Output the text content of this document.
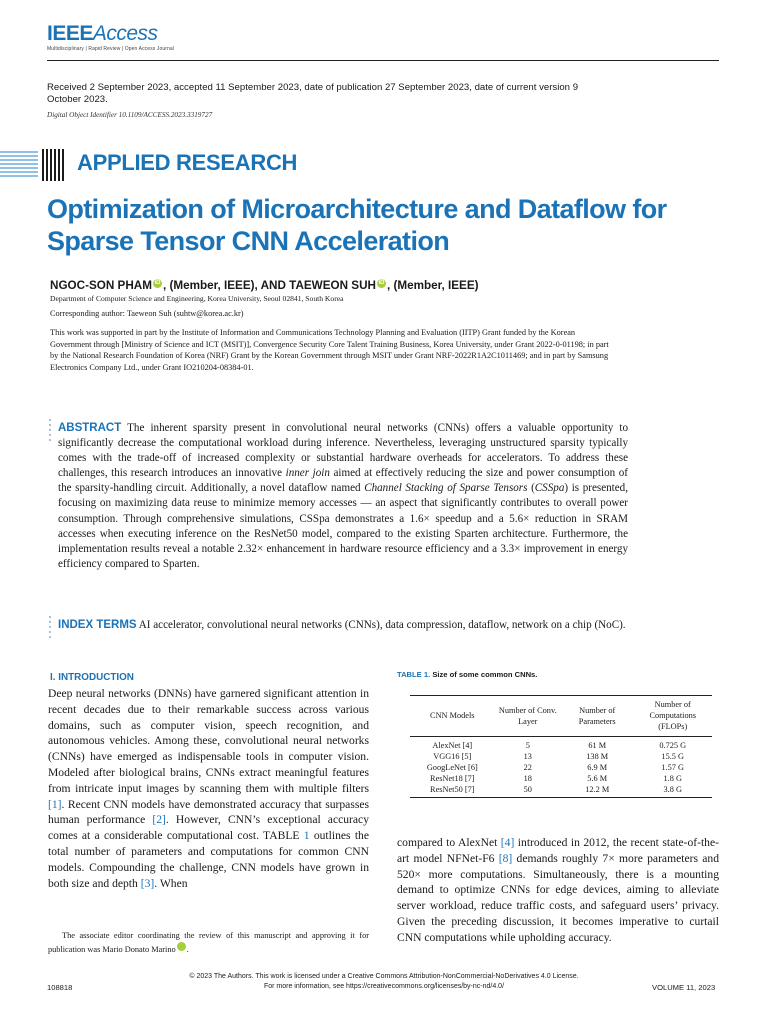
IEEEAccess
Multidisciplinary | Rapid Review | Open Access Journal
Received 2 September 2023, accepted 11 September 2023, date of publication 27 September 2023, date of current version 9 October 2023.
Digital Object Identifier 10.1109/ACCESS.2023.3319727
APPLIED RESEARCH
Optimization of Microarchitecture and Dataflow for Sparse Tensor CNN Acceleration
NGOC-SON PHAM iD , (Member, IEEE), AND TAEWEON SUH iD , (Member, IEEE)
Department of Computer Science and Engineering, Korea University, Seoul 02841, South Korea
Corresponding author: Taeweon Suh (suhtw@korea.ac.kr)
This work was supported in part by the Institute of Information and Communications Technology Planning and Evaluation (IITP) Grant funded by the Korean Government through [Ministry of Science and ICT (MSIT)], Convergence Security Core Talent Training Business, Korea University, under Grant 2022-0-01198; in part by the National Research Foundation of Korea (NRF) Grant by the Korean Government through MSIT under Grant NRF-2022R1A2C1011469; and in part by Samsung Electronics Company Ltd., under Grant IO210204-08384-01.
ABSTRACT The inherent sparsity present in convolutional neural networks (CNNs) offers a valuable opportunity to significantly decrease the computational workload during inference. Nevertheless, leveraging unstructured sparsity typically comes with the trade-off of increased complexity or substantial hardware overheads for accelerators. To address these challenges, this research introduces an innovative inner join aimed at effectively reducing the size and power consumption of the sparsity-handling circuit. Additionally, a novel dataflow named Channel Stacking of Sparse Tensors (CSSpa) is presented, focusing on maximizing data reuse to minimize memory accesses — an aspect that significantly contributes to overall power consumption. Through comprehensive simulations, CSSpa demonstrates a 1.6× speedup and a 5.6× reduction in SRAM accesses when executing inference on the ResNet50 model, compared to the existing Sparten architecture. Furthermore, the implementation results reveal a notable 2.32× enhancement in hardware resource efficiency and a 3.3× improvement in energy efficiency compared to Sparten.
INDEX TERMS AI accelerator, convolutional neural networks (CNNs), data compression, dataflow, network on a chip (NoC).
I. INTRODUCTION
Deep neural networks (DNNs) have garnered significant attention in recent decades due to their remarkable success across various domains, such as computer vision, speech recognition, and autonomous vehicles. Among these, convolutional neural networks (CNNs) have emerged as indispensable tools in computer vision. Modeled after biological brains, CNNs extract meaningful features from intricate input images by scanning them with multiple filters [1]. Recent CNN models have demonstrated accuracy that surpasses human performance [2]. However, CNN’s exceptional accuracy comes at a considerable computational cost. TABLE 1 outlines the total number of parameters and computations for common CNN models. Compounding the challenge, CNN models have grown in both size and depth [3]. When
The associate editor coordinating the review of this manuscript and approving it for publication was Mario Donato Marino	iD.
TABLE 1. Size of some common CNNs.
CNN Models	Number of Conv. Layer	Number of Parameters	Number of Computations (FLOPs)
AlexNet [4]	5	61 M	0.725 G
VGG16 [5]	13	138 M	15.5 G
GoogLeNet [6]	22	6.9 M	1.57 G
ResNet18 [7]	18	5.6 M	1.8 G
ResNet50 [7]	50	12.2 M	3.8 G
compared to AlexNet [4] introduced in 2012, the recent state-of-the-art model NFNet-F6 [8] demands roughly 7× more parameters and 520× more computations. Simultaneously, there is a mounting demand to optimize CNNs for edge devices, aiming to alleviate server workload, reduce traffic costs, and safeguard users’ privacy. Given the preceding discussion, it becomes imperative to curtail CNN computations while upholding accuracy.
© 2023 The Authors. This work is licensed under a Creative Commons Attribution-NonCommercial-NoDerivatives 4.0 License.
For more information, see https://creativecommons.org/licenses/by-nc-nd/4.0/
108818	VOLUME 11, 2023
